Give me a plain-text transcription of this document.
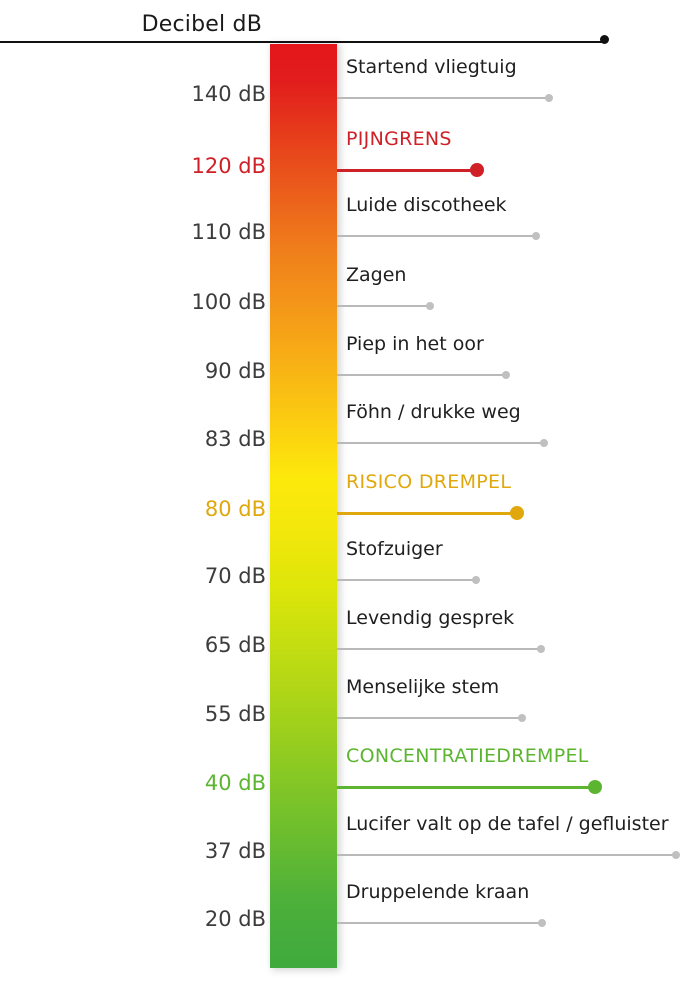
Decibel dB
140 dB
Startend vliegtuig
120 dB
PIJNGRENS
110 dB
Luide discotheek
100 dB
Zagen
90 dB
Piep in het oor
83 dB
Föhn / drukke weg
80 dB
RISICO DREMPEL
70 dB
Stofzuiger
65 dB
Levendig gesprek
55 dB
Menselijke stem
40 dB
CONCENTRATIEDREMPEL
37 dB
Lucifer valt op de tafel / gefluister
20 dB
Druppelende kraan
